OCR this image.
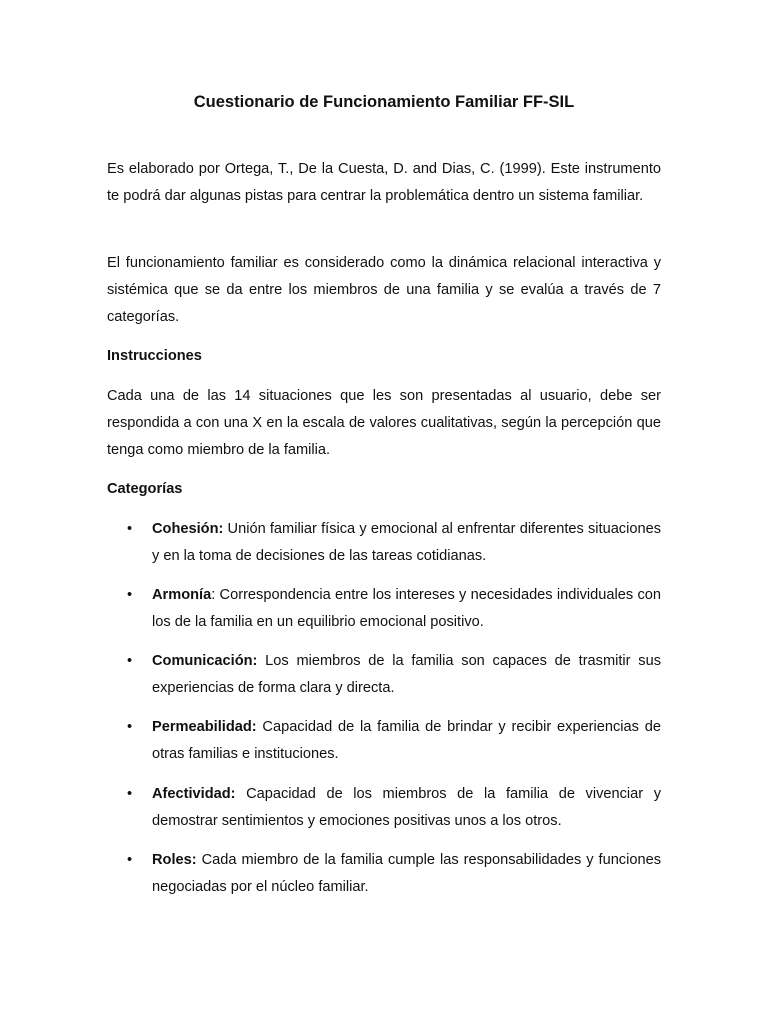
Cuestionario de Funcionamiento Familiar FF-SIL

Es elaborado por Ortega, T., De la Cuesta, D. and Dias, C. (1999). Este instrumento te podrá dar algunas pistas para centrar la problemática dentro un sistema familiar.

El funcionamiento familiar es considerado como la dinámica relacional interactiva y sistémica que se da entre los miembros de una familia y se evalúa a través de 7 categorías.

Instrucciones

Cada una de las 14 situaciones que les son presentadas al usuario, debe ser respondida a con una X en la escala de valores cualitativas, según la percepción que tenga como miembro de la familia.

Categorías
• Cohesión: Unión familiar física y emocional al enfrentar diferentes situaciones y en la toma de decisiones de las tareas cotidianas.

• Armonía: Correspondencia entre los intereses y necesidades individuales con los de la familia en un equilibrio emocional positivo.

• Comunicación: Los miembros de la familia son capaces de trasmitir sus experiencias de forma clara y directa.

• Permeabilidad: Capacidad de la familia de brindar y recibir experiencias de otras familias e instituciones.

• Afectividad: Capacidad de los miembros de la familia de vivenciar y demostrar sentimientos y emociones positivas unos a los otros.

• Roles: Cada miembro de la familia cumple las responsabilidades y funciones negociadas por el núcleo familiar.
